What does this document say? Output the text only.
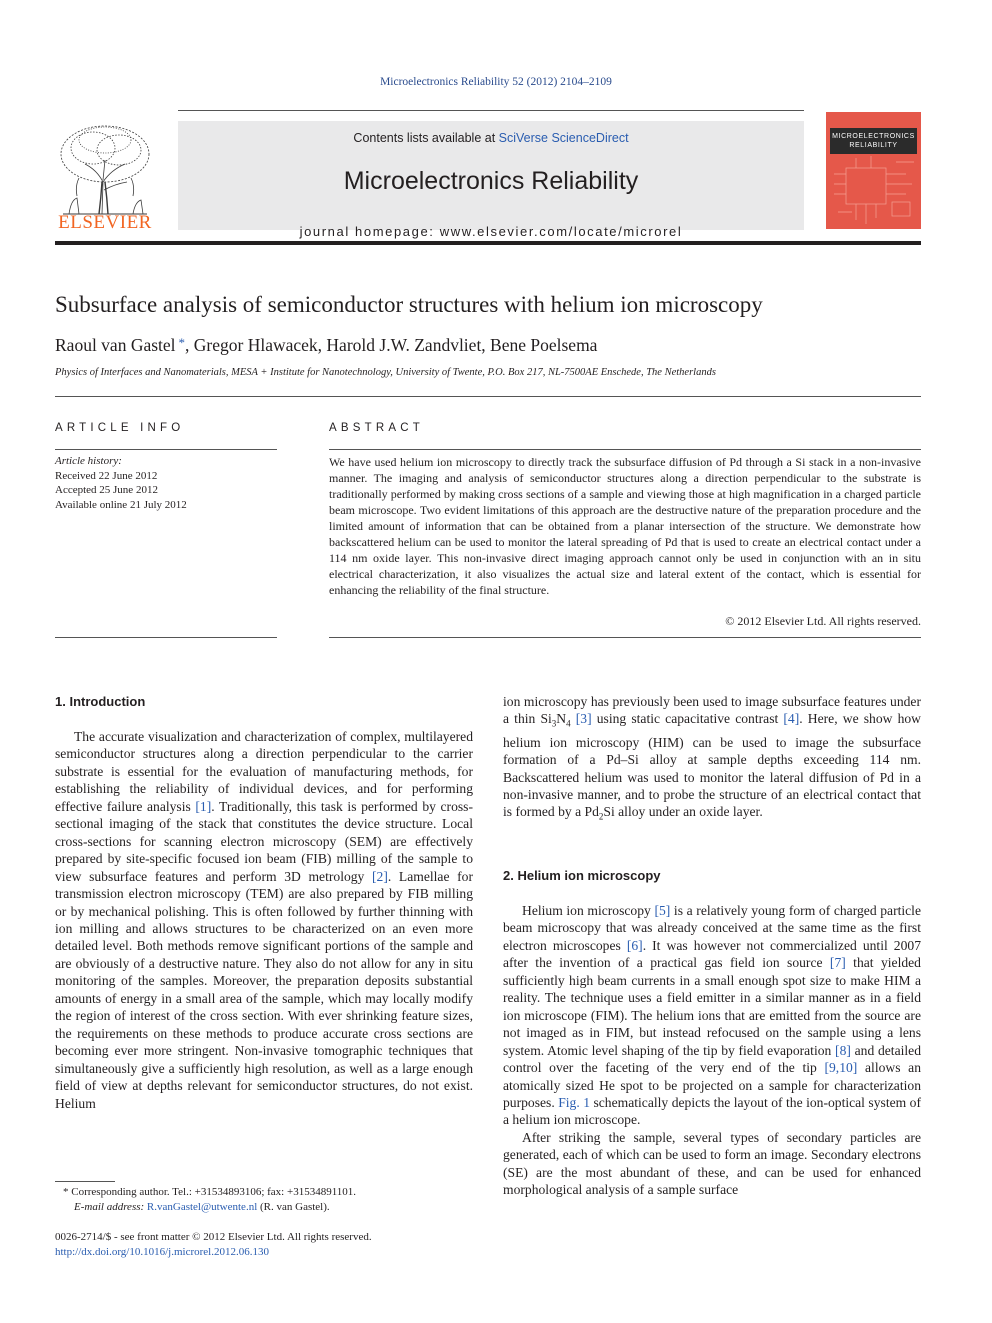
Microelectronics Reliability 52 (2012) 2104–2109
ELSEVIER
Contents lists available at SciVerse ScienceDirect
Microelectronics Reliability
journal homepage: www.elsevier.com/locate/microrel
MICROELECTRONICS
RELIABILITY
Subsurface analysis of semiconductor structures with helium ion microscopy
Raoul van Gastel *, Gregor Hlawacek, Harold J.W. Zandvliet, Bene Poelsema
Physics of Interfaces and Nanomaterials, MESA + Institute for Nanotechnology, University of Twente, P.O. Box 217, NL-7500AE Enschede, The Netherlands
ARTICLE INFO
Article history:
Received 22 June 2012
Accepted 25 June 2012
Available online 21 July 2012
ABSTRACT
We have used helium ion microscopy to directly track the subsurface diffusion of Pd through a Si stack in a non-invasive manner. The imaging and analysis of semiconductor structures along a direction perpendicular to the substrate is traditionally performed by making cross sections of a sample and viewing those at high magnification in a charged particle beam microscope. Two evident limitations of this approach are the destructive nature of the preparation procedure and the limited amount of information that can be obtained from a planar intersection of the structure. We demonstrate how backscattered helium can be used to monitor the lateral spreading of Pd that is used to create an electrical contact under a 114 nm oxide layer. This non-invasive direct imaging approach cannot only be used in conjunction with an in situ electrical characterization, it also visualizes the actual size and lateral extent of the contact, which is essential for enhancing the reliability of the final structure.
© 2012 Elsevier Ltd. All rights reserved.
1. Introduction

The accurate visualization and characterization of complex, multilayered semiconductor structures along a direction perpendicular to the carrier substrate is essential for the evaluation of manufacturing methods, for establishing the reliability of individual devices, and for performing effective failure analysis [1]. Traditionally, this task is performed by cross-sectional imaging of the stack that constitutes the device structure. Local cross-sections for scanning electron microscopy (SEM) are effectively prepared by site-specific focused ion beam (FIB) milling of the sample to view subsurface features and perform 3D metrology [2]. Lamellae for transmission electron microscopy (TEM) are also prepared by FIB milling or by mechanical polishing. This is often followed by further thinning with ion milling and allows structures to be characterized on an even more detailed level. Both methods remove significant portions of the sample and are obviously of a destructive nature. They also do not allow for any in situ monitoring of the samples. Moreover, the preparation deposits substantial amounts of energy in a small area of the sample, which may locally modify the region of interest of the cross section. With ever shrinking feature sizes, the requirements on these methods to produce accurate cross sections are becoming ever more stringent. Non-invasive tomographic techniques that simultaneously give a sufficiently high resolution, as well as a large enough field of view at depths relevant for semiconductor structures, do not exist. Helium

* Corresponding author. Tel.: +31534893106; fax: +31534891101.
E-mail address: R.vanGastel@utwente.nl (R. van Gastel).
0026-2714/$ - see front matter © 2012 Elsevier Ltd. All rights reserved.
http://dx.doi.org/10.1016/j.microrel.2012.06.130

ion microscopy has previously been used to image subsurface features under a thin $Si_3N_4$ [3] using static capacitative contrast [4]. Here, we show how helium ion microscopy (HIM) can be used to image the subsurface formation of a Pd–Si alloy at sample depths exceeding 114 nm. Backscattered helium was used to monitor the lateral diffusion of Pd in a non-invasive manner, and to probe the structure of an electrical contact that is formed by a $Pd_2Si$ alloy under an oxide layer.

2. Helium ion microscopy

Helium ion microscopy [5] is a relatively young form of charged particle beam microscopy that was already conceived at the same time as the first electron microscopes [6]. It was however not commercialized until 2007 after the invention of a practical gas field ion source [7] that yielded sufficiently high beam currents in a small enough spot size to make HIM a reality. The technique uses a field emitter in a similar manner as in a field ion microscope (FIM). The helium ions that are emitted from the source are not imaged as in FIM, but instead refocused on the sample using a lens system. Atomic level shaping of the tip by field evaporation [8] and detailed control over the faceting of the very end of the tip [9,10] allows an atomically sized He spot to be projected on a sample for characterization purposes. Fig. 1 schematically depicts the layout of the ion-optical system of a helium ion microscope.

After striking the sample, several types of secondary particles are generated, each of which can be used to form an image. Secondary electrons (SE) are the most abundant of these, and can be used for enhanced morphological analysis of a sample surface
